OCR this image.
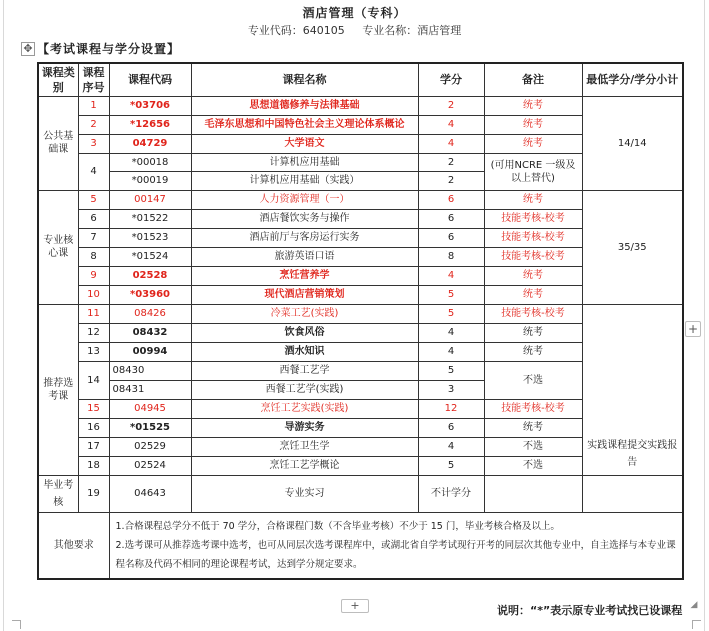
酒店管理（专科）
专业代码：640105 专业名称：酒店管理
✥ 【考试课程与学分设置】
课程类别	课程序号	课程代码	课程名称	学分	备注	最低学分/学分小计
公共基础课	1	*03706	思想道德修养与法律基础	2	统考	14/14
	2	*12656	毛泽东思想和中国特色社会主义理论体系概论	4	统考	
	3	04729	大学语文	4	统考	
	4	*00018	计算机应用基础	2	(可用NCRE 一级及以上替代)	
		*00019	计算机应用基础（实践）	2		
专业核心课	5	00147	人力资源管理（一）	6	统考	35/35
	6	*01522	酒店餐饮实务与操作	6	技能考核-校考	
	7	*01523	酒店前厅与客房运行实务	6	技能考核-校考	
	8	*01524	旅游英语口语	8	技能考核-校考	
	9	02528	烹饪营养学	4	统考	
	10	*03960	现代酒店营销策划	5	统考	
推荐选考课	11	08426	冷菜工艺(实践)	5	技能考核-校考	实践课程提交实践报告
	12	08432	饮食风俗	4	统考	
	13	00994	酒水知识	4	统考	
	14	08430	西餐工艺学	5	不选	
		08431	西餐工艺学(实践)	3		
	15	04945	烹饪工艺实践(实践)	12	技能考核-校考	
	16	*01525	导游实务	6	统考	
	17	02529	烹饪卫生学	4	不选	
	18	02524	烹饪工艺学概论	5	不选	
毕业考核	19	04643	专业实习	不计学分		
其他要求		1.合格课程总学分不低于 70 学分，合格课程门数（不含毕业考核）不少于 15 门，毕业考核合格及以上。
2.选考课可从推荐选考课中选考，也可从同层次选考课程库中，或湖北省自学考试现行开考的同层次其他专业中，自主选择与本专业课程名称及代码不相同的理论课程考试，达到学分规定要求。				
+
+	说明：“*”表示原专业考试找已设课程 ◢
